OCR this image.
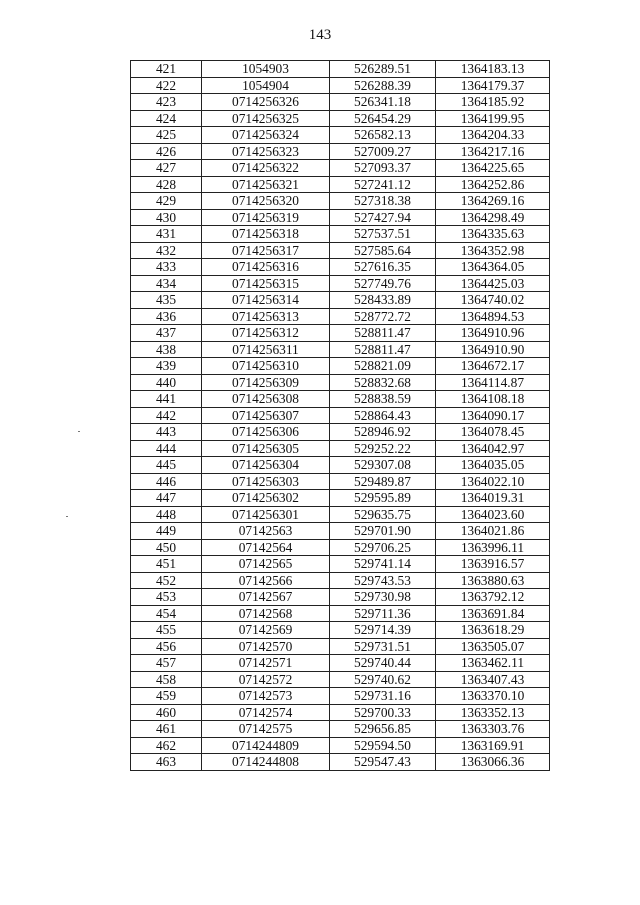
143
421	1054903	526289.51	1364183.13
422	1054904	526288.39	1364179.37
423	0714256326	526341.18	1364185.92
424	0714256325	526454.29	1364199.95
425	0714256324	526582.13	1364204.33
426	0714256323	527009.27	1364217.16
427	0714256322	527093.37	1364225.65
428	0714256321	527241.12	1364252.86
429	0714256320	527318.38	1364269.16
430	0714256319	527427.94	1364298.49
431	0714256318	527537.51	1364335.63
432	0714256317	527585.64	1364352.98
433	0714256316	527616.35	1364364.05
434	0714256315	527749.76	1364425.03
435	0714256314	528433.89	1364740.02
436	0714256313	528772.72	1364894.53
437	0714256312	528811.47	1364910.96
438	0714256311	528811.47	1364910.90
439	0714256310	528821.09	1364672.17
440	0714256309	528832.68	1364114.87
441	0714256308	528838.59	1364108.18
442	0714256307	528864.43	1364090.17
443	0714256306	528946.92	1364078.45
444	0714256305	529252.22	1364042.97
445	0714256304	529307.08	1364035.05
446	0714256303	529489.87	1364022.10
447	0714256302	529595.89	1364019.31
448	0714256301	529635.75	1364023.60
449	07142563	529701.90	1364021.86
450	07142564	529706.25	1363996.11
451	07142565	529741.14	1363916.57
452	07142566	529743.53	1363880.63
453	07142567	529730.98	1363792.12
454	07142568	529711.36	1363691.84
455	07142569	529714.39	1363618.29
456	07142570	529731.51	1363505.07
457	07142571	529740.44	1363462.11
458	07142572	529740.62	1363407.43
459	07142573	529731.16	1363370.10
460	07142574	529700.33	1363352.13
461	07142575	529656.85	1363303.76
462	0714244809	529594.50	1363169.91
463	0714244808	529547.43	1363066.36
